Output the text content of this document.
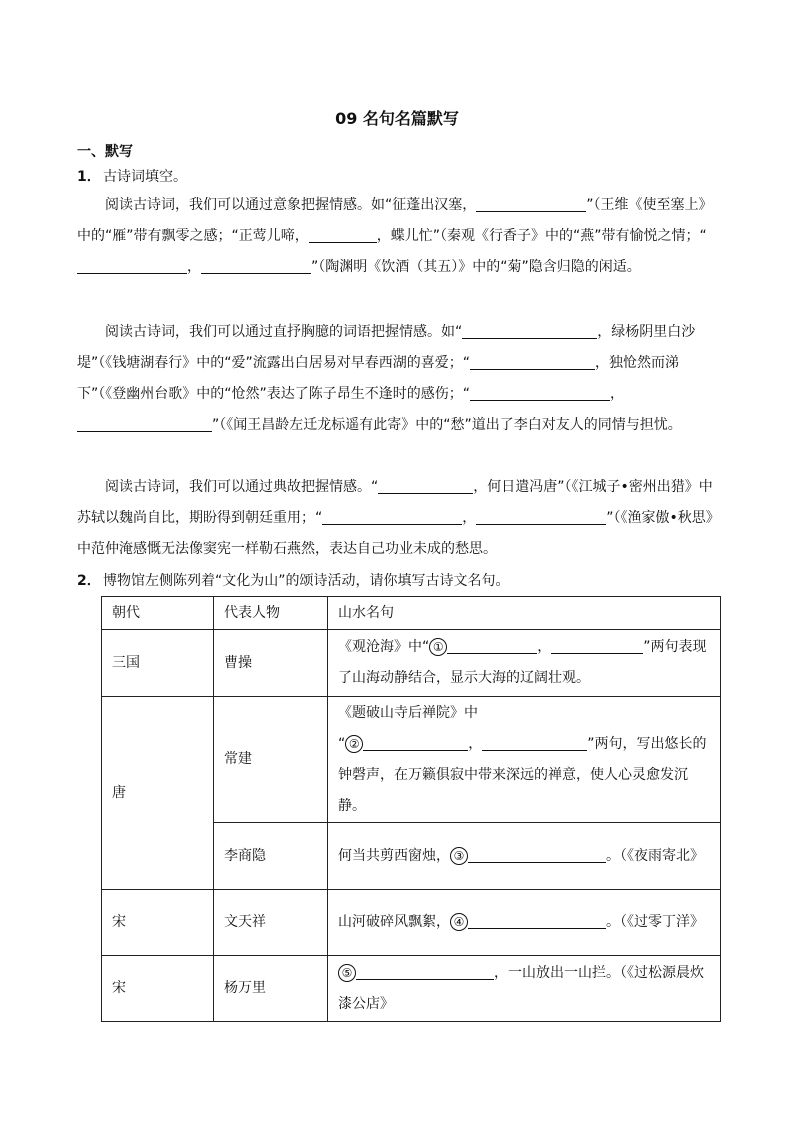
09 名句名篇默写
一、默写
1． 古诗词填空。
阅读古诗词，我们可以通过意象把握情感。如“征蓬出汉塞，	”（王维《使至塞上》中的“雁”带有飘零之感；“正莺儿啼，	，蝶儿忙”（秦观《行香子》中的“燕”带有愉悦之情；“，	”（陶渊明《饮酒（其五）》中的“菊”隐含归隐的闲适。
阅读古诗词，我们可以通过直抒胸臆的词语把握情感。如“	，绿杨阴里白沙堤”（《钱塘湖春行》中的“爱”流露出白居易对早春西湖的喜爱；“	，独怆然而涕下”（《登幽州台歌》中的“怆然”表达了陈子昂生不逢时的感伤；“	，”（《闻王昌龄左迁龙标遥有此寄》中的“愁”道出了李白对友人的同情与担忧。
阅读古诗词，我们可以通过典故把握情感。“	，何日遣冯唐”（《江城子•密州出猎》中苏轼以魏尚自比，期盼得到朝廷重用；“	，	”（《渔家傲•秋思》中范仲淹感慨无法像窦宪一样勒石燕然，表达自己功业未成的愁思。
2． 博物馆左侧陈列着“文化为山”的颂诗活动，请你填写古诗文名句。
朝代	代表人物	山水名句
三国	曹操	《观沧海》中“ ① ， ”两句表现了山海动静结合，显示大海的辽阔壮观。
唐	常建	《题破山寺后禅院》中
“ ② ， ”两句，写出悠长的钟磬声，在万籁俱寂中带来深远的禅意，使人心灵愈发沉静。
	李商隐	何当共剪西窗烛， ③ 。（《夜雨寄北》
宋	文天祥	山河破碎风飘絮， ④ 。（《过零丁洋》
宋	杨万里	⑤ ，一山放出一山拦。（《过松源晨炊漆公店》
